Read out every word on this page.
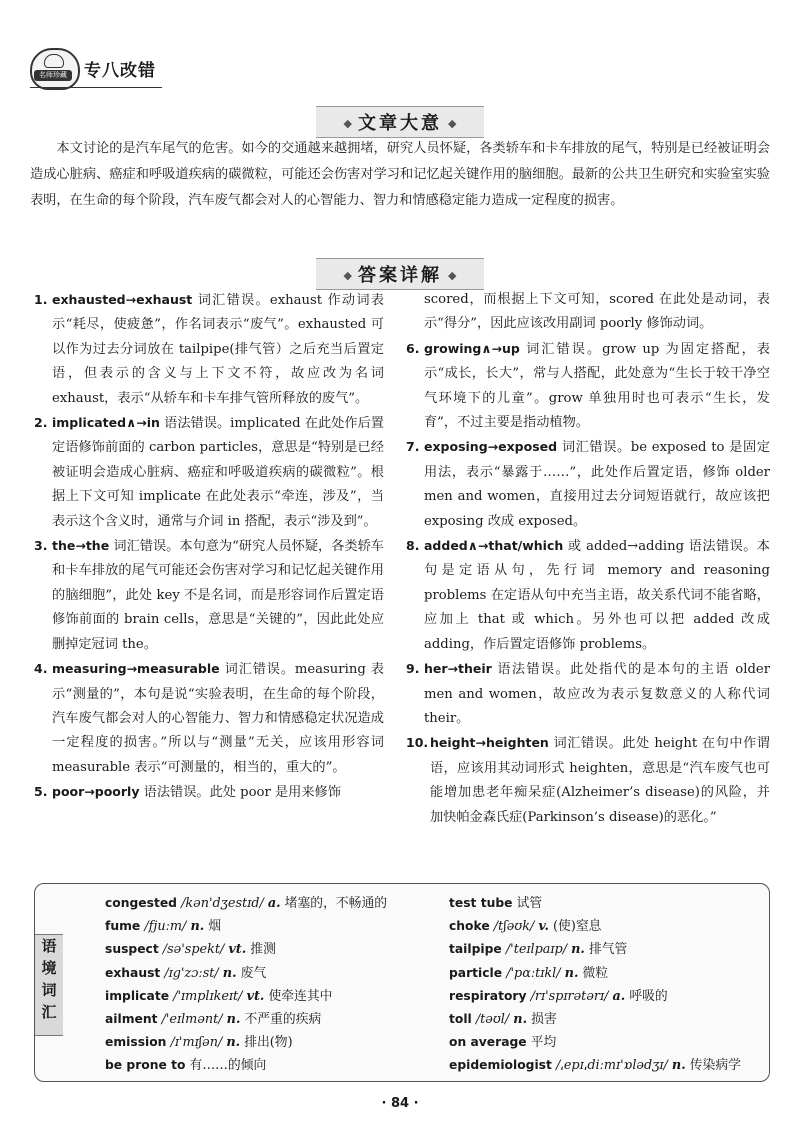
名师珍藏 专八改错
◆ 文章大意 ◆
本文讨论的是汽车尾气的危害。如今的交通越来越拥堵，研究人员怀疑，各类轿车和卡车排放的尾气，特别是已经被证明会造成心脏病、癌症和呼吸道疾病的碳微粒，可能还会伤害对学习和记忆起关键作用的脑细胞。最新的公共卫生研究和实验室实验表明，在生命的每个阶段，汽车废气都会对人的心智能力、智力和情感稳定能力造成一定程度的损害。
◆ 答案详解 ◆
1. exhausted→exhaust 词汇错误。exhaust 作动词表示“耗尽，使疲惫”，作名词表示“废气”。exhausted 可以作为过去分词放在 tailpipe(排气管）之后充当后置定语，但表示的含义与上下文不符，故应改为名词 exhaust，表示“从轿车和卡车排气管所释放的废气”。
2. implicated∧→in 语法错误。implicated 在此处作后置定语修饰前面的 carbon particles，意思是“特别是已经被证明会造成心脏病、癌症和呼吸道疾病的碳微粒”。根据上下文可知 implicate 在此处表示“牵连，涉及”，当表示这个含义时，通常与介词 in 搭配，表示“涉及到”。
3. the→the 词汇错误。本句意为“研究人员怀疑，各类轿车和卡车排放的尾气可能还会伤害对学习和记忆起关键作用的脑细胞”，此处 key 不是名词，而是形容词作后置定语修饰前面的 brain cells，意思是“关键的”，因此此处应删掉定冠词 the。
4. measuring→measurable 词汇错误。measuring 表示“测量的”，本句是说“实验表明，在生命的每个阶段，汽车废气都会对人的心智能力、智力和情感稳定状况造成一定程度的损害。”所以与“测量”无关，应该用形容词 measurable 表示“可测量的，相当的，重大的”。
5. poor→poorly 语法错误。此处 poor 是用来修饰
scored，而根据上下文可知，scored 在此处是动词，表示“得分”，因此应该改用副词 poorly 修饰动词。
6. growing∧→up 词汇错误。grow up 为固定搭配，表示“成长，长大”，常与人搭配，此处意为“生长于较干净空气环境下的儿童”。grow 单独用时也可表示“生长，发育”，不过主要是指动植物。
7. exposing→exposed 词汇错误。be exposed to 是固定用法，表示“暴露于……”，此处作后置定语，修饰 older men and women，直接用过去分词短语就行，故应该把 exposing 改成 exposed。
8. added∧→that/which 或 added→adding 语法错误。本句是定语从句，先行词 memory and reasoning problems 在定语从句中充当主语，故关系代词不能省略，应加上 that 或 which。另外也可以把 added 改成 adding，作后置定语修饰 problems。
9. her→their 语法错误。此处指代的是本句的主语 older men and women，故应改为表示复数意义的人称代词 their。
10. height→heighten 词汇错误。此处 height 在句中作谓语，应该用其动词形式 heighten，意思是“汽车废气也可能增加患老年痴呆症(Alzheimer’s disease)的风险，并加快帕金森氏症(Parkinson’s disease)的恶化。”
语
境
词
汇
congested /kən'dʒestɪd/ a. 堵塞的，不畅通的
fume /fjuːm/ n. 烟
suspect /sə'spekt/ vt. 推测
exhaust /ɪg'zɔːst/ n. 废气
implicate /'ɪmplɪkeɪt/ vt. 使牵连其中
ailment /'eɪlmənt/ n. 不严重的疾病
emission /ɪ'mɪʃən/ n. 排出(物)
be prone to 有……的倾向
test tube 试管
choke /tʃəʊk/ v. (使)窒息
tailpipe /'teɪlpaɪp/ n. 排气管
particle /'pɑːtɪkl/ n. 微粒
respiratory /rɪ'spɪrətərɪ/ a. 呼吸的
toll /təʊl/ n. 损害
on average 平均
epidemiologist /ˌepɪˌdiːmɪ'ɒlədʒɪ/ n. 传染病学
· 84 ·
